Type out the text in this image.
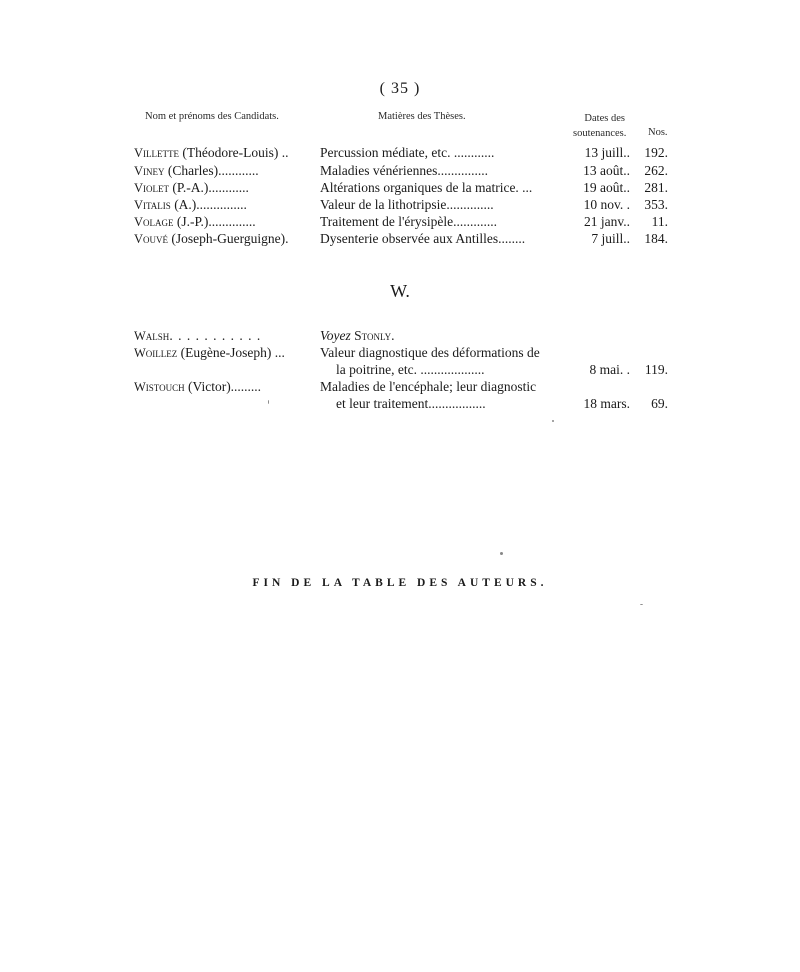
( 35 )
Nom et prénoms des Candidats.	Matières des Thèses.	Dates des
soutenances. Nos.
Villette (Théodore-Louis) .. Percussion médiate, etc. ............	13 juill.. 192.
Viney (Charles)............	Maladies vénériennes...............	13 août.. 262.
Violet (P.-A.)............	Altérations organiques de la matrice. ...	19 août.. 281.
Vitalis (A.)...............	Valeur de la lithotripsie..............	10 nov. . 353.
Volage (J.-P.)..............	Traitement de l'érysipèle.............	21 janv.. 11.
Vouvé (Joseph-Guerguigne). Dysenterie observée aux Antilles........	7 juill.. 184.
W.
Walsh. . . . . . . . . . .	Voyez Stonly.
Woillez (Eugène-Joseph) ...	Valeur diagnostique des déformations de
la poitrine, etc. ...................	8 mai. . 119.
Wistouch (Victor).........	Maladies de l'encéphale; leur diagnostic
et leur traitement.................	18 mars. 69.
FIN DE LA TABLE DES AUTEURS.
